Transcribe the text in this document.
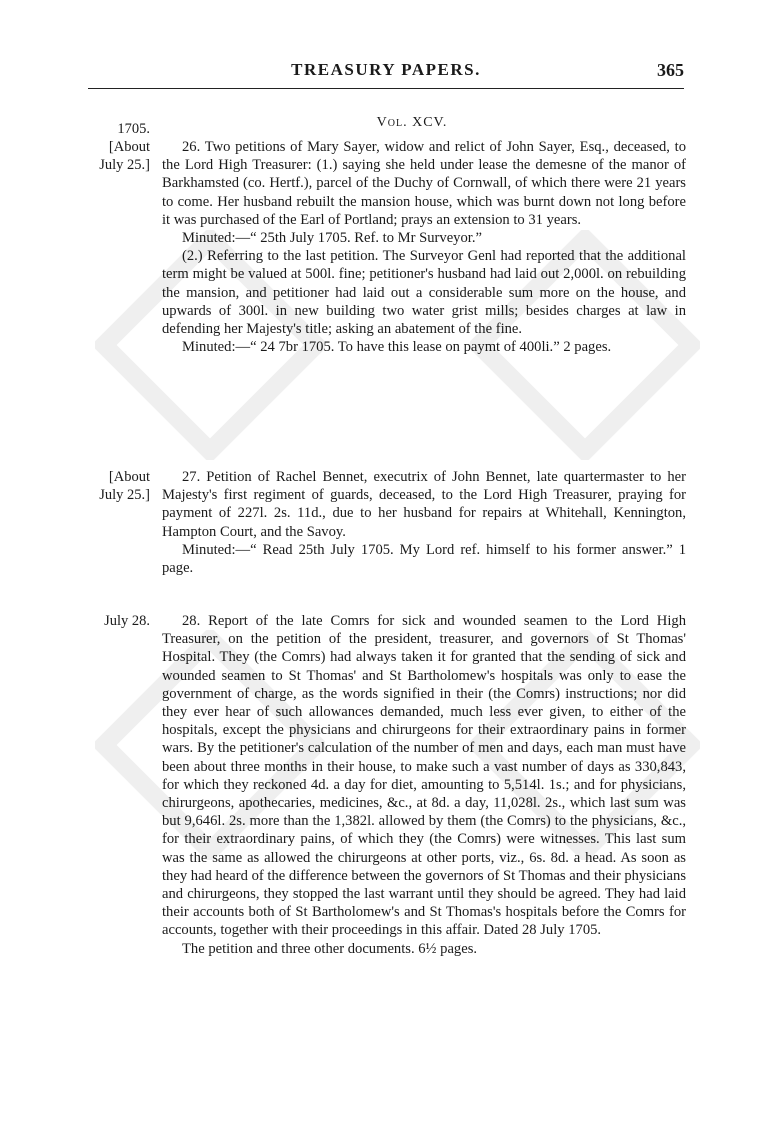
TREASURY PAPERS.	365
Vol. XCV.
1705.
[About
July 25.]

26. Two petitions of Mary Sayer, widow and relict of John Sayer, Esq., deceased, to the Lord High Treasurer: (1.) saying she held under lease the demesne of the manor of Barkhamsted (co. Hertf.), parcel of the Duchy of Cornwall, of which there were 21 years to come. Her husband rebuilt the mansion house, which was burnt down not long before it was purchased of the Earl of Portland; prays an extension to 31 years.

Minuted:—“ 25th July 1705. Ref. to Mr Surveyor.”

(2.) Referring to the last petition. The Surveyor Genl had reported that the additional term might be valued at 500l. fine; petitioner's husband had laid out 2,000l. on rebuilding the mansion, and petitioner had laid out a considerable sum more on the house, and upwards of 300l. in new building two water grist mills; besides charges at law in defending her Majesty's title; asking an abatement of the fine.

Minuted:—“ 24 7br 1705. To have this lease on paymt of 400li.” 2 pages.

[About
July 25.]

27. Petition of Rachel Bennet, executrix of John Bennet, late quartermaster to her Majesty's first regiment of guards, deceased, to the Lord High Treasurer, praying for payment of 227l. 2s. 11d., due to her husband for repairs at Whitehall, Kennington, Hampton Court, and the Savoy.

Minuted:—“ Read 25th July 1705. My Lord ref. himself to his former answer.” 1 page.

July 28.	28. Report of the late Comrs for sick and wounded seamen to the Lord High Treasurer, on the petition of the president, treasurer, and governors of St Thomas' Hospital. They (the Comrs) had always taken it for granted that the sending of sick and wounded seamen to St Thomas' and St Bartholomew's hospitals was only to ease the government of charge, as the words signified in their (the Comrs) instructions; nor did they ever hear of such allowances demanded, much less ever given, to either of the hospitals, except the physicians and chirurgeons for their extraordinary pains in former wars. By the petitioner's calculation of the number of men and days, each man must have been about three months in their house, to make such a vast number of days as 330,843, for which they reckoned 4d. a day for diet, amounting to 5,514l. 1s.; and for physicians, chirurgeons, apothecaries, medicines, &c., at 8d. a day, 11,028l. 2s., which last sum was but 9,646l. 2s. more than the 1,382l. allowed by them (the Comrs) to the physicians, &c., for their extraordinary pains, of which they (the Comrs) were witnesses. This last sum was the same as allowed the chirurgeons at other ports, viz., 6s. 8d. a head. As soon as they had heard of the difference between the governors of St Thomas and their physicians and chirurgeons, they stopped the last warrant until they should be agreed. They had laid their accounts both of St Bartholomew's and St Thomas's hospitals before the Comrs for accounts, together with their proceedings in this affair. Dated 28 July 1705.

The petition and three other documents. 6½ pages.
